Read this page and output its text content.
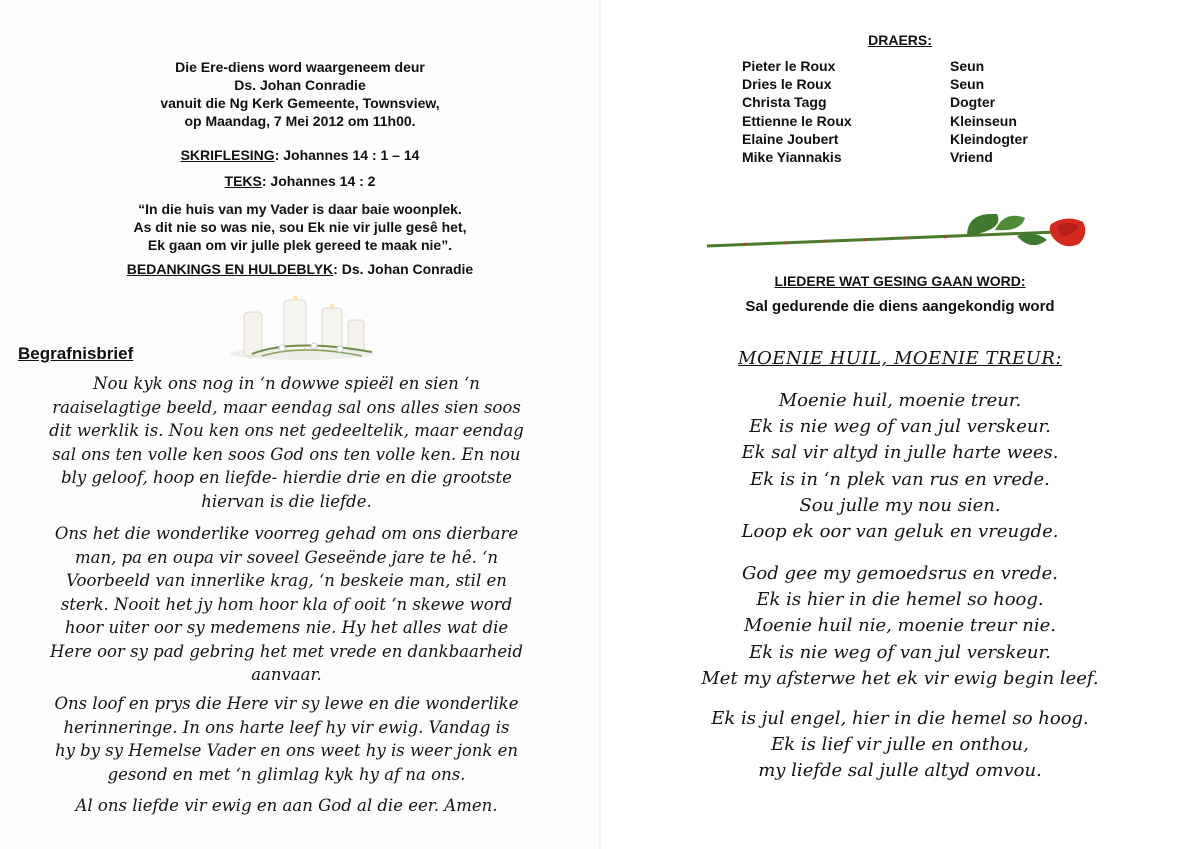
Die Ere-diens word waargeneem deur
Ds. Johan Conradie
vanuit die Ng Kerk Gemeente, Townsview,
op Maandag, 7 Mei 2012 om 11h00.
SKRIFLESING: Johannes 14 : 1 – 14
TEKS: Johannes 14 : 2
“In die huis van my Vader is daar baie woonplek.
As dit nie so was nie, sou Ek nie vir julle gesê het,
Ek gaan om vir julle plek gereed te maak nie”.
BEDANKINGS EN HULDEBLYK: Ds. Johan Conradie
Begrafnisbrief
Nou kyk ons nog in ‘n dowwe spieël en sien ‘n
raaiselagtige beeld, maar eendag sal ons alles sien soos
dit werklik is. Nou ken ons net gedeeltelik, maar eendag
sal ons ten volle ken soos God ons ten volle ken. En nou
bly geloof, hoop en liefde- hierdie drie en die grootste
hiervan is die liefde.
Ons het die wonderlike voorreg gehad om ons dierbare
man, pa en oupa vir soveel Geseënde jare te hê. ‘n
Voorbeeld van innerlike krag, ‘n beskeie man, stil en
sterk. Nooit het jy hom hoor kla of ooit ‘n skewe word
hoor uiter oor sy medemens nie. Hy het alles wat die
Here oor sy pad gebring het met vrede en dankbaarheid
aanvaar.
Ons loof en prys die Here vir sy lewe en die wonderlike
herinneringe. In ons harte leef hy vir ewig. Vandag is
hy by sy Hemelse Vader en ons weet hy is weer jonk en
gesond en met ‘n glimlag kyk hy af na ons.
Al ons liefde vir ewig en aan God al die eer. Amen.
DRAERS:
Pieter le Roux	Seun
Dries le Roux	Seun
Christa Tagg	Dogter
Ettienne le Roux	Kleinseun
Elaine Joubert	Kleindogter
Mike Yiannakis	Vriend
LIEDERE WAT GESING GAAN WORD:
Sal gedurende die diens aangekondig word
MOENIE HUIL, MOENIE TREUR:
Moenie huil, moenie treur.
Ek is nie weg of van jul verskeur.
Ek sal vir altyd in julle harte wees.
Ek is in ‘n plek van rus en vrede.
Sou julle my nou sien.
Loop ek oor van geluk en vreugde.
God gee my gemoedsrus en vrede.
Ek is hier in die hemel so hoog.
Moenie huil nie, moenie treur nie.
Ek is nie weg of van jul verskeur.
Met my afsterwe het ek vir ewig begin leef.
Ek is jul engel, hier in die hemel so hoog.
Ek is lief vir julle en onthou,
my liefde sal julle altyd omvou.
